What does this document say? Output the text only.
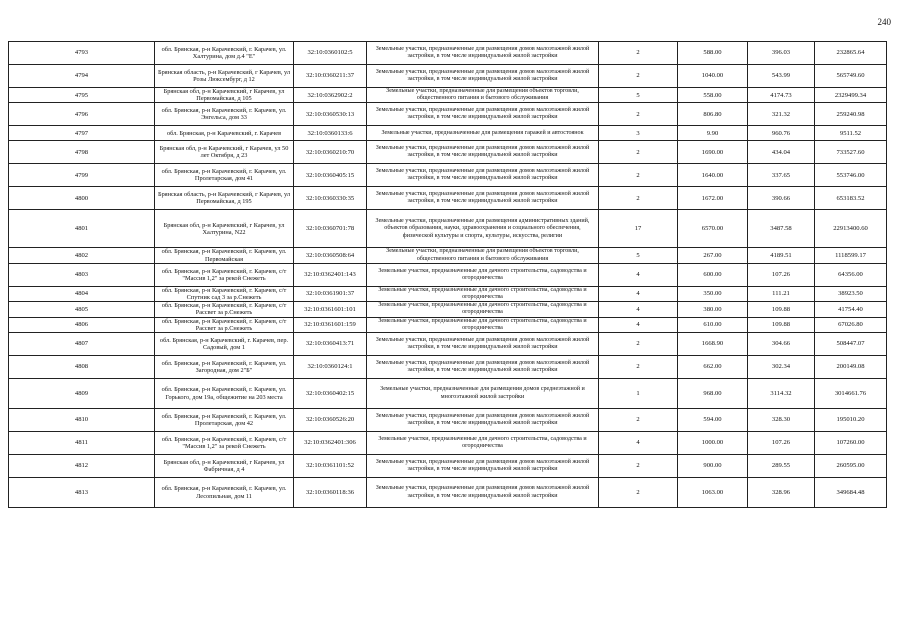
240
4793	обл. Брянская, р-н Карачевский, г. Карачев, ул. Халтурина, дом д.4 "Е"	32:10:0360102:5	Земельные участки, предназначенные для размещения домов малоэтажной жилой застройки, в том числе индивидуальной жилой застройки	2	588.00	396.03	232865.64
4794	Брянская область, р-н Карачевский, г Карачев, ул Розы Люксембург, д 12	32:10:0360211:37	Земельные участки, предназначенные для размещения домов малоэтажной жилой застройки, в том числе индивидуальной жилой застройки	2	1040.00	543.99	565749.60
4795	Брянская обл, р-н Карачевский, г Карачев, ул Первомайская, д 105	32:10:0362902:2	Земельные участки, предназначенные для размещения объектов торговли, общественного питания и бытового обслуживания	5	558.00	4174.73	2329499.34
4796	обл. Брянская, р-н Карачевский, г. Карачев, ул. Энгельса, дом 33	32:10:0360530:13	Земельные участки, предназначенные для размещения домов малоэтажной жилой застройки, в том числе индивидуальной жилой застройки	2	806.80	321.32	259240.98
4797	обл. Брянская, р-н Карачевский, г. Карачев	32:10:0360133:6	Земельные участки, предназначенные для размещения гаражей и автостоянок	3	9.90	960.76	9511.52
4798	Брянская обл, р-н Карачевский, г Карачев, ул 50 лет Октября, д 23	32:10:0360210:70	Земельные участки, предназначенные для размещения домов малоэтажной жилой застройки, в том числе индивидуальной жилой застройки	2	1690.00	434.04	733527.60
4799	обл. Брянская, р-н Карачевский, г. Карачев, ул. Пролетарская, дом 41	32:10:0360405:15	Земельные участки, предназначенные для размещения домов малоэтажной жилой застройки, в том числе индивидуальной жилой застройки	2	1640.00	337.65	553746.00
4800	Брянская область, р-н Карачевский, г Карачев, ул Первомайская, д 195	32:10:0360330:35	Земельные участки, предназначенные для размещения домов малоэтажной жилой застройки, в том числе индивидуальной жилой застройки	2	1672.00	390.66	653183.52
4801	Брянская обл, р-н Карачевский, г Карачев, ул Халтурина, N22	32:10:0360701:78	Земельные участки, предназначенные для размещения административных зданий, объектов образования, науки, здравоохранения и социального обеспечения, физической культуры и спорта, культуры, искусства, религии	17	6570.00	3487.58	22913400.60
4802	обл. Брянская, р-н Карачевский, г. Карачев, ул. Первомайская	32:10:0360508:64	Земельные участки, предназначенные для размещения объектов торговли, общественного питания и бытового обслуживания	5	267.00	4189.51	1118599.17
4803	обл. Брянская, р-н Карачевский, г. Карачев, с/т "Массив 1,2" за рекой Снежеть	32:10:0362401:143	Земельные участки, предназначенные для дачного строительства, садоводства и огородничества	4	600.00	107.26	64356.00
4804	обл. Брянская, р-н Карачевский, г. Карачев, с/т Спутник сад 3 за р.Снежеть	32:10:0361901:37	Земельные участки, предназначенные для дачного строительства, садоводства и огородничества	4	350.00	111.21	38923.50
4805	обл. Брянская, р-н Карачевский, г. Карачев, с/т Рассвет за р.Снежеть	32:10:0361601:101	Земельные участки, предназначенные для дачного строительства, садоводства и огородничества	4	380.00	109.88	41754.40
4806	обл. Брянская, р-н Карачевский, г. Карачев, с/т Рассвет за р.Снежеть	32:10:0361601:159	Земельные участки, предназначенные для дачного строительства, садоводства и огородничества	4	610.00	109.88	67026.80
4807	обл. Брянская, р-н Карачевский, г. Карачев, пер. Садовый, дом 1	32:10:0360413:71	Земельные участки, предназначенные для размещения домов малоэтажной жилой застройки, в том числе индивидуальной жилой застройки	2	1668.90	304.66	508447.07
4808	обл. Брянская, р-н Карачевский, г. Карачев, ул. Загородная, дом 2"Б"	32:10:0360124:1	Земельные участки, предназначенные для размещения домов малоэтажной жилой застройки, в том числе индивидуальной жилой застройки	2	662.00	302.34	200149.08
4809	обл. Брянская, р-н Карачевский, г. Карачев, ул. Горького, дом 19а, общежитие на 203 места	32:10:0360402:15	Земельные участки, предназначенные для размещения домов среднеэтажной и многоэтажной жилой застройки	1	968.00	3114.32	3014661.76
4810	обл. Брянская, р-н Карачевский, г. Карачев, ул. Пролетарская, дом 42	32:10:0360526:20	Земельные участки, предназначенные для размещения домов малоэтажной жилой застройки, в том числе индивидуальной жилой застройки	2	594.00	328.30	195010.20
4811	обл. Брянская, р-н Карачевский, г. Карачев, с/т "Массив 1,2" за рекой Снежеть	32:10:0362401:306	Земельные участки, предназначенные для дачного строительства, садоводства и огородничества	4	1000.00	107.26	107260.00
4812	Брянская обл, р-н Карачевский, г Карачев, ул Фабричная, д 4	32:10:0361101:52	Земельные участки, предназначенные для размещения домов малоэтажной жилой застройки, в том числе индивидуальной жилой застройки	2	900.00	289.55	260595.00
4813	обл. Брянская, р-н Карачевский, г. Карачев, ул. Лесопильная, дом 11	32:10:0360118:36	Земельные участки, предназначенные для размещения домов малоэтажной жилой застройки, в том числе индивидуальной жилой застройки	2	1063.00	328.96	349684.48
